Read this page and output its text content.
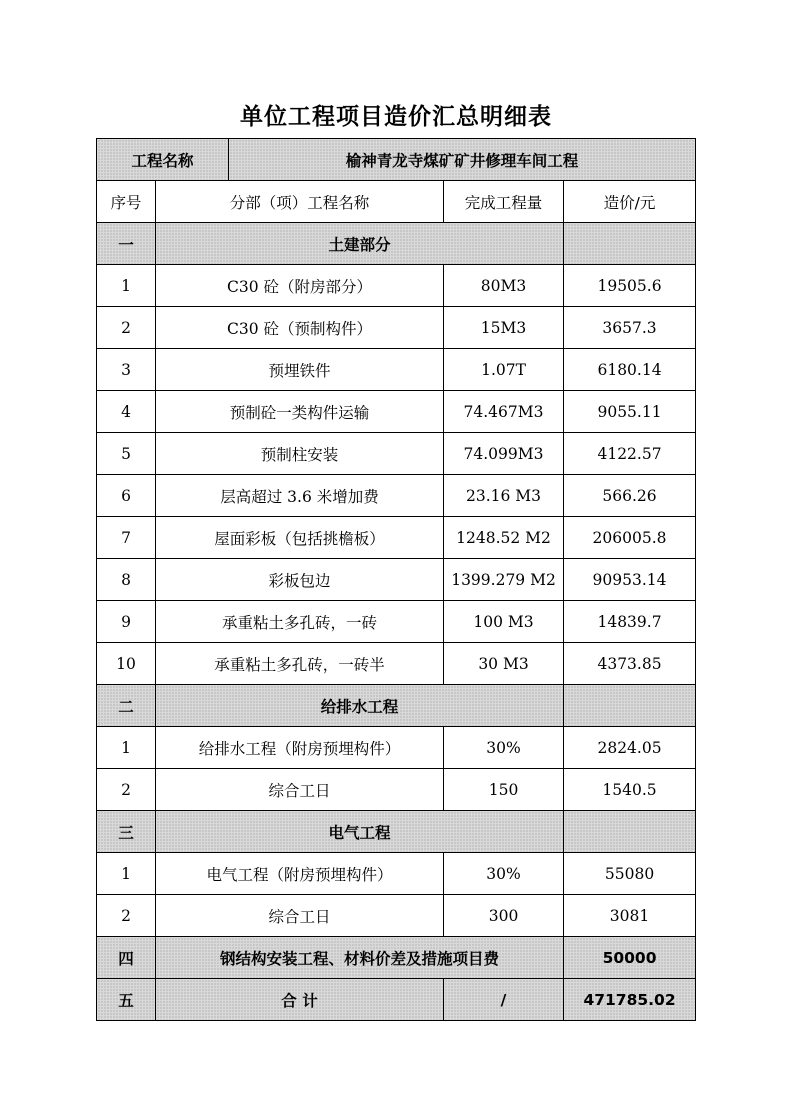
单位工程项目造价汇总明细表
工程名称		榆神青龙寺煤矿矿井修理车间工程		
序号	分部（项）工程名称		完成工程量	造价/元
一	土建部分			
1	C30 砼（附房部分）		80M3	19505.6
2	C30 砼（预制构件）		15M3	3657.3
3	预埋铁件		1.07T	6180.14
4	预制砼一类构件运输		74.467M3	9055.11
5	预制柱安装		74.099M3	4122.57
6	层高超过 3.6 米增加费		23.16 M3	566.26
7	屋面彩板（包括挑檐板）		1248.52 M2	206005.8
8	彩板包边		1399.279 M2	90953.14
9	承重粘土多孔砖，一砖		100 M3	14839.7
10	承重粘土多孔砖，一砖半		30 M3	4373.85
二	给排水工程			
1	给排水工程（附房预埋构件）		30%	2824.05
2	综合工日		150	1540.5
三	电气工程			
1	电气工程（附房预埋构件）		30%	55080
2	综合工日		300	3081
四	钢结构安装工程、材料价差及措施项目费			50000
五	合 计		/	471785.02
